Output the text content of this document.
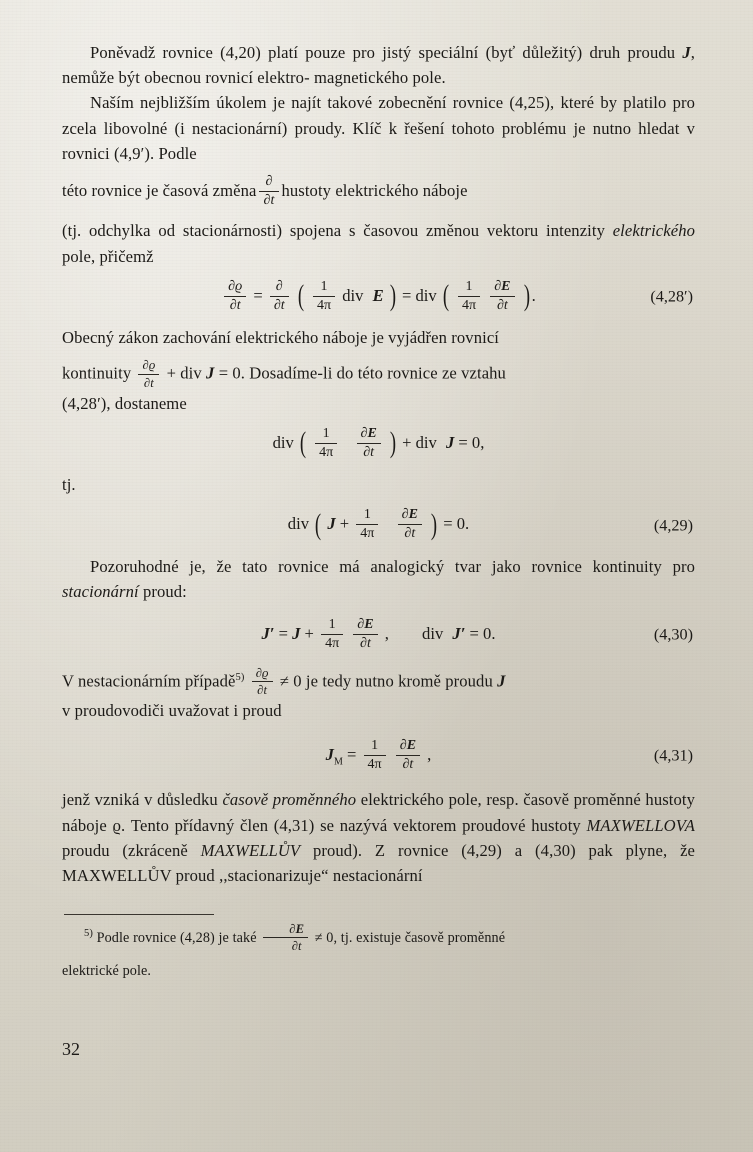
Poněvadž rovnice (4,20) platí pouze pro jistý speciální (byť důležitý) druh proudu J, nemůže být obecnou rovnicí elektro- magnetického pole.

Naším nejbližším úkolem je najít takové zobecnění rovnice (4,25), které by platilo pro zcela libovolné (i nestacionární) proudy. Klíč k řešení tohoto problému je nutno hledat v rovnici (4,9′). Podle

této rovnice je časová změna $\frac{\partial}{\partial t}$ hustoty elektrického náboje

(tj. odchylka od stacionárnosti) spojena s časovou změnou vektoru intenzity elektrického pole, přičemž

$\frac{\partial ϱ}{\partial t} = \frac{\partial}{\partial t}$ ( $\frac{1}{4\pi}$ div E ) = div ( $\frac{1}{4\pi}$
$\frac{\partial E}{\partial t}$ ) .	(4,28′)

Obecný zákon zachování elektrického náboje je vyjádřen rovnicí

kontinuity $\frac{\partial ϱ}{\partial t}$ + div J = 0. Dosadíme-li do této rovnice ze vztahu

(4,28′), dostaneme

div ( $\frac{1}{4\pi}$
$\frac{\partial E}{\partial t}$ ) + div J = 0,

tj.

div ( $J + \frac{1}{4\pi}$
$\frac{\partial E}{\partial t}$ ) = 0.	(4,29)

Pozoruhodné je, že tato rovnice má analogický tvar jako rovnice kontinuity pro stacionární proud:

$J' = J + \frac{1}{4\pi}$
$\frac{\partial E}{\partial t}$ ,        div J′ = 0.	(4,30)

V nestacionárním případě$^{5)}$ $\frac{\partial ϱ}{\partial t} \ne 0$ je tedy nutno kromě proudu J

v proudovodiči uvažovat i proud

$J_M = \frac{1}{4\pi}$
$\frac{\partial E}{\partial t}$ ,	(4,31)

jenž vzniká v důsledku časově proměnného elektrického pole, resp. časově proměnné hustoty náboje ϱ. Tento přídavný člen (4,31) se nazývá vektorem proudové hustoty MAXWELLOVA proudu (zkráceně MAXWELLŮV proud). Z rovnice (4,29) a (4,30) pak plyne, že MAXWELLŮV proud ,,stacionarizuje“ nestacionární

$^{5)}$ Podle rovnice (4,28) je také $\frac{\partial E}{\partial t} \ne 0$, tj. existuje časově proměnné

elektrické pole.

32
